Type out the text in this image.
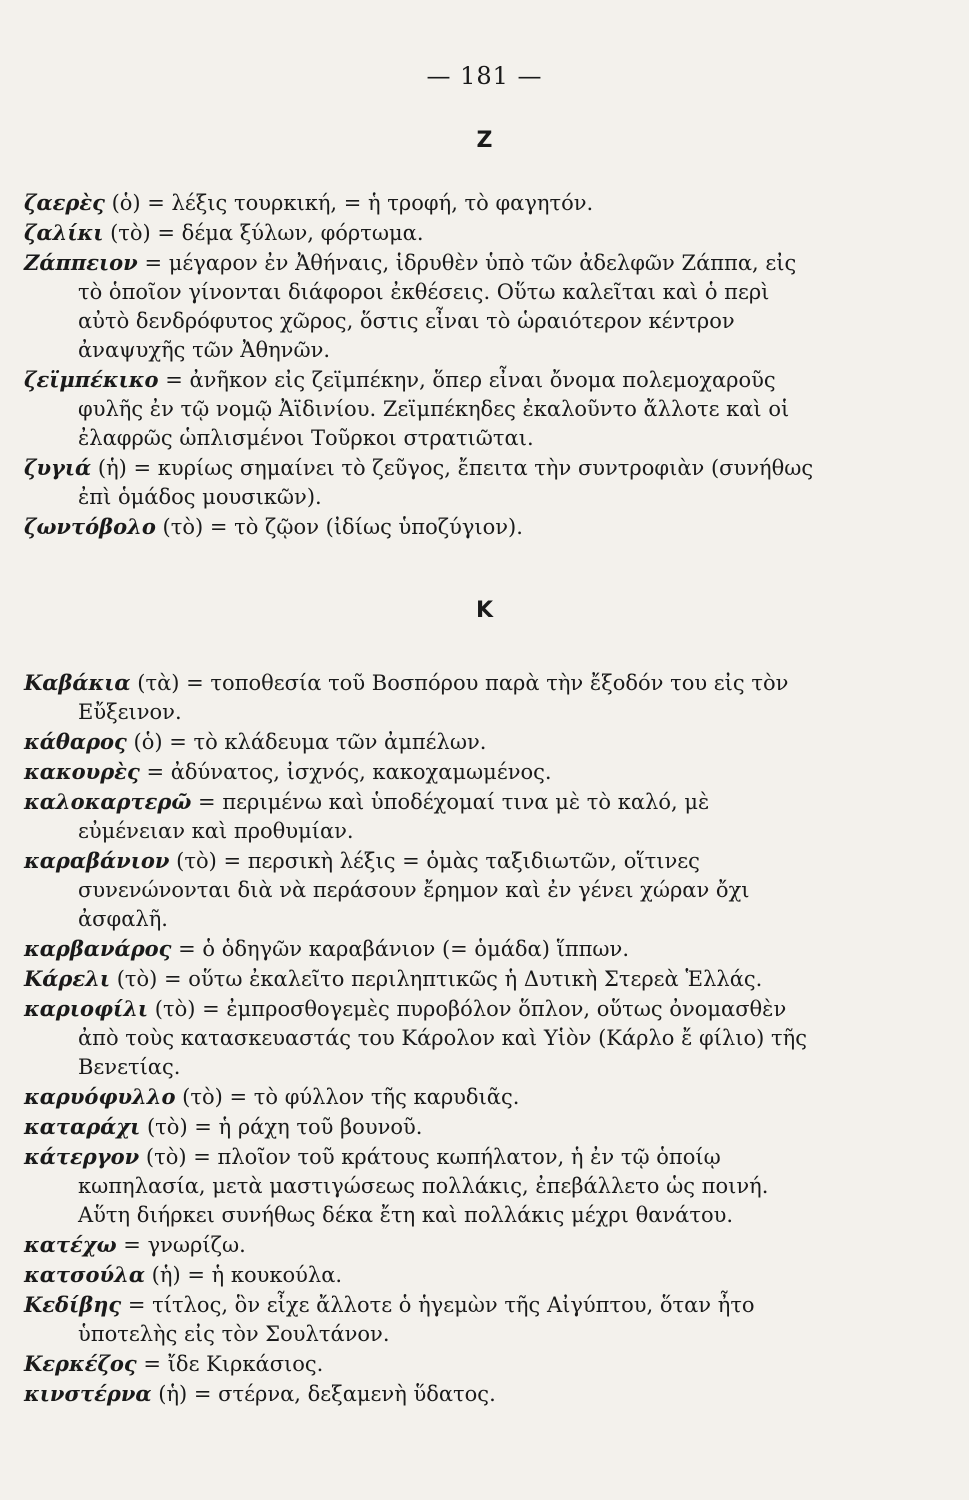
— 181 —
Z

ζαερὲς (ὁ) = λέξις τουρκική, = ἡ τροφή, τὸ φαγητόν.

ζαλίκι (τὸ) = δέμα ξύλων, φόρτωμα.

Ζάππειον = μέγαρον ἐν Ἀθήναις, ἱδρυθὲν ὑπὸ τῶν ἀδελφῶν Ζάππα, εἰς τὸ ὁποῖον γίνονται διάφοροι ἐκθέσεις. Οὕτω καλεῖται καὶ ὁ περὶ αὐτὸ δενδρόφυτος χῶρος, ὅστις εἶναι τὸ ὡραιότερον κέντρον ἀναψυχῆς τῶν Ἀθηνῶν.

ζεϊμπέκικο = ἀνῆκον εἰς ζεϊμπέκην, ὅπερ εἶναι ὄνομα πολεμοχαροῦς φυλῆς ἐν τῷ νομῷ Ἀϊδινίου. Ζεϊμπέκηδες ἐκαλοῦντο ἄλλοτε καὶ οἱ ἐλαφρῶς ὡπλισμένοι Τοῦρκοι στρατιῶται.

ζυγιά (ἡ) = κυρίως σημαίνει τὸ ζεῦγος, ἔπειτα τὴν συντροφιὰν (συνήθως ἐπὶ ὁμάδος μουσικῶν).

ζωντόβολο (τὸ) = τὸ ζῷον (ἰδίως ὑποζύγιον).

K

Καβάκια (τὰ) = τοποθεσία τοῦ Βοσπόρου παρὰ τὴν ἔξοδόν του εἰς τὸν Εὔξεινον.

κάθαρος (ὁ) = τὸ κλάδευμα τῶν ἀμπέλων.

κακουρὲς = ἀδύνατος, ἰσχνός, κακοχαμωμένος.

καλοκαρτερῶ = περιμένω καὶ ὑποδέχομαί τινα μὲ τὸ καλό, μὲ εὐμένειαν καὶ προθυμίαν.

καραβάνιον (τὸ) = περσικὴ λέξις = ὁμὰς ταξιδιωτῶν, οἵτινες συνενώνονται διὰ νὰ περάσουν ἔρημον καὶ ἐν γένει χώραν ὄχι ἀσφαλῆ.

καρβανάρος = ὁ ὁδηγῶν καραβάνιον (= ὁμάδα) ἵππων.

Κάρελι (τὸ) = οὕτω ἐκαλεῖτο περιληπτικῶς ἡ Δυτικὴ Στερεὰ Ἑλλάς.

καριοφίλι (τὸ) = ἐμπροσθογεμὲς πυροβόλον ὅπλον, οὕτως ὀνομασθὲν ἀπὸ τοὺς κατασκευαστάς του Κάρολον καὶ Υἱὸν (Κάρλο ἔ φίλιο) τῆς Βενετίας.

καρυόφυλλο (τὸ) = τὸ φύλλον τῆς καρυδιᾶς.

καταράχι (τὸ) = ἡ ράχη τοῦ βουνοῦ.

κάτεργον (τὸ) = πλοῖον τοῦ κράτους κωπήλατον, ἡ ἐν τῷ ὁποίῳ κωπηλασία, μετὰ μαστιγώσεως πολλάκις, ἐπεβάλλετο ὡς ποινή. Αὕτη διήρκει συνήθως δέκα ἔτη καὶ πολλάκις μέχρι θανάτου.

κατέχω = γνωρίζω.

κατσούλα (ἡ) = ἡ κουκούλα.

Κεδίβης = τίτλος, ὃν εἶχε ἄλλοτε ὁ ἡγεμὼν τῆς Αἰγύπτου, ὅταν ἦτο ὑποτελὴς εἰς τὸν Σουλτάνον.

Κερκέζος = ἴδε Κιρκάσιος.

κινστέρνα (ἡ) = στέρνα, δεξαμενὴ ὕδατος.
